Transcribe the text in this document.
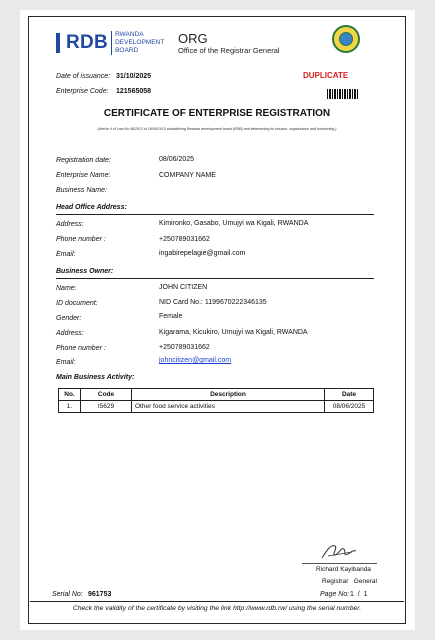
RDB	RWANDA DEVELOPMENT BOARD
ORG
Office of the Registrar General
Date of issuance: 31/10/2025
Enterprise Code: 121565058
DUPLICATE
CERTIFICATE OF ENTERPRISE REGISTRATION
(Article 4 of Law No 46/2013 of 16/06/2013 establishing Rwanda development board (RDB) and determining its mission, organization and functioning.)
Registration date:	08/06/2025
Enterprise Name:	COMPANY NAME
Business Name:
Head Office Address:
Address:	Kimironko, Gasabo, Umujyi wa Kigali, RWANDA
Phone number :	+250789031662
Email:	ingabirepelagie@gmail.com
Business Owner:
Name:	JOHN CITIZEN
ID document:	NID Card No.: 1199670222346135
Gender:	Female
Address:	Kigarama, Kicukiro, Umujyi wa Kigali, RWANDA
Phone number :	+250789031662
Email:	johncitizen@gmail.com
Main Business Activity:
No.	Code	Description	Date
1.	I5629	Other food service activities	08/06/2025
Richard Kayibanda
Registrar   General
Serial No: 961753	Page No: 1  /  1
Check the validity of the certificate by visiting the link http://www.rdb.rw/ using the serial number.
